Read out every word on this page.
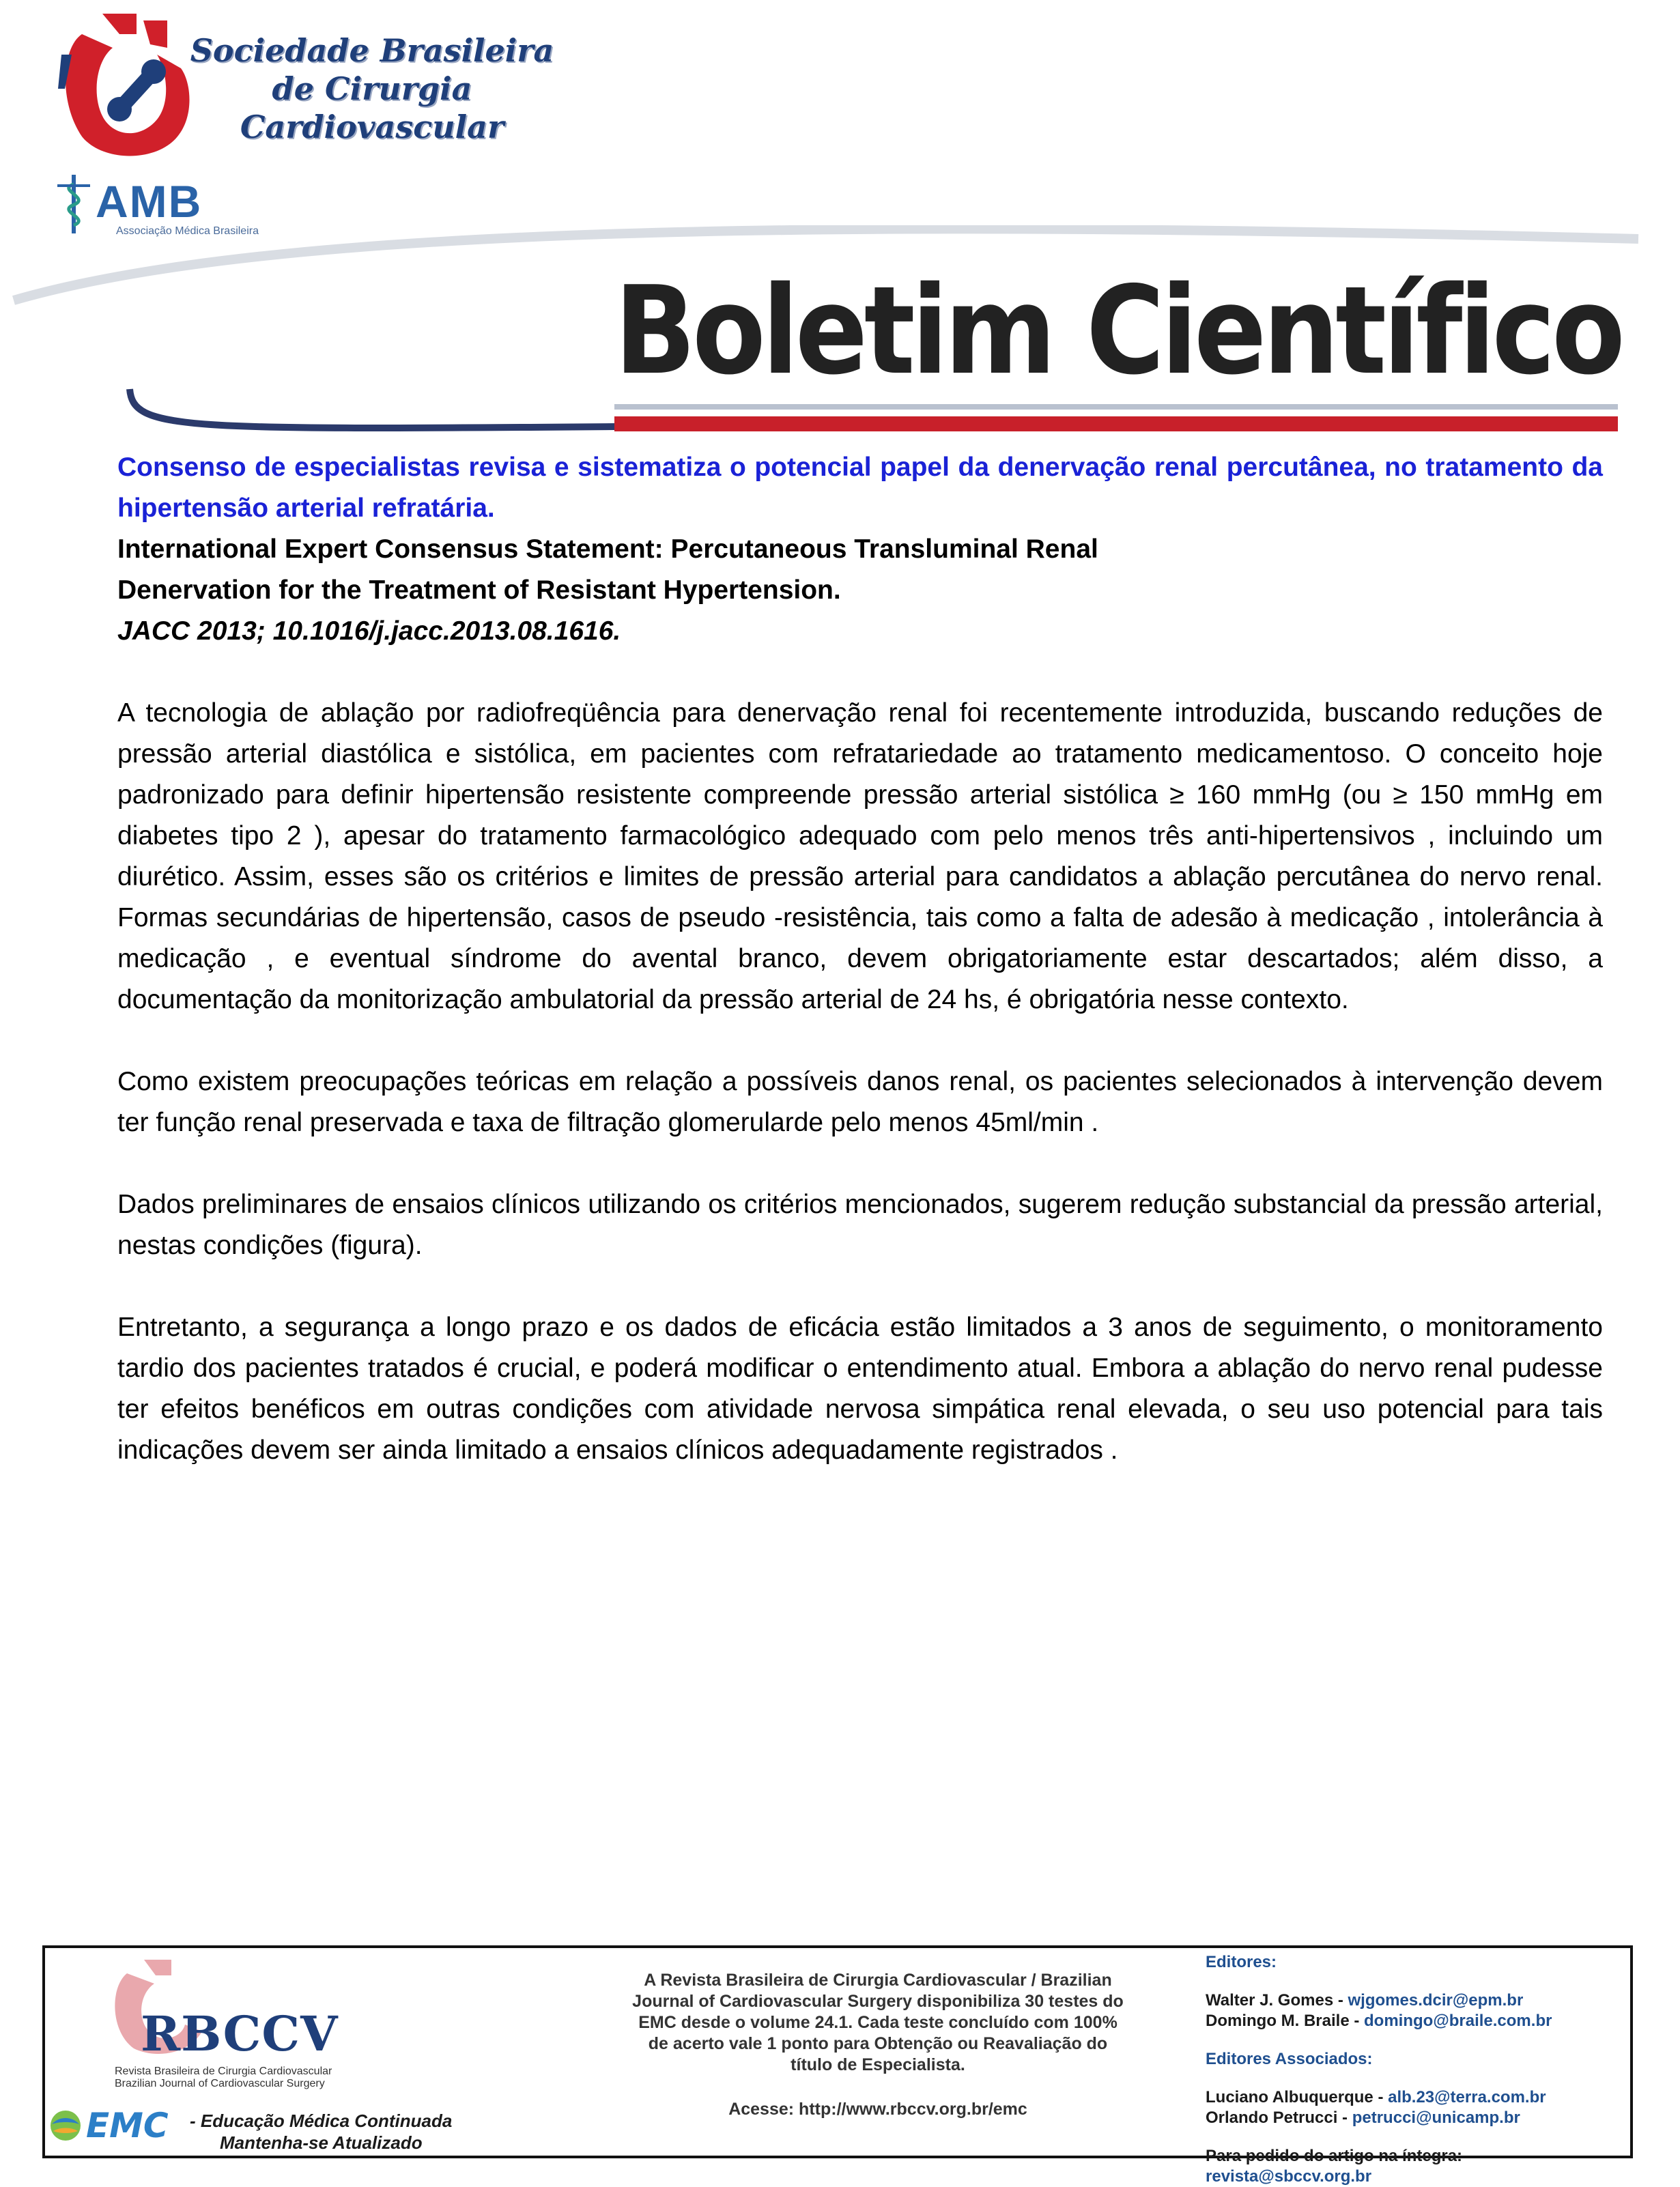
Sociedade Brasileira
de Cirurgia
Cardiovascular
AMB
Associação Médica Brasileira
Boletim Científico
Consenso de especialistas revisa e sistematiza o potencial papel da denervação renal percutânea, no tratamento da hipertensão arterial refratária.
International Expert Consensus Statement: Percutaneous Transluminal Renal
Denervation for the Treatment of Resistant Hypertension.
JACC 2013; 10.1016/j.jacc.2013.08.1616.

A tecnologia de ablação por radiofreqüência para denervação renal foi recentemente introduzida, buscando reduções de pressão arterial diastólica e sistólica, em pacientes com refratariedade ao tratamento medicamentoso. O conceito hoje padronizado para definir hipertensão resistente compreende pressão arterial sistólica ≥ 160 mmHg (ou ≥ 150 mmHg em diabetes tipo 2 ), apesar do tratamento farmacológico adequado com pelo menos três anti-hipertensivos , incluindo um diurético. Assim, esses são os critérios e limites de pressão arterial para candidatos a ablação percutânea do nervo renal. Formas secundárias de hipertensão, casos de pseudo -resistência, tais como a falta de adesão à medicação , intolerância à medicação , e eventual síndrome do avental branco, devem obrigatoriamente estar descartados; além disso, a documentação da monitorização ambulatorial da pressão arterial de 24 hs, é obrigatória nesse contexto.

Como existem preocupações teóricas em relação a possíveis danos renal, os pacientes selecionados à intervenção devem ter função renal preservada e taxa de filtração glomerularde pelo menos 45ml/min .

Dados preliminares de ensaios clínicos utilizando os critérios mencionados, sugerem redução substancial da pressão arterial, nestas condições (figura).

Entretanto, a segurança a longo prazo e os dados de eficácia estão limitados a 3 anos de seguimento, o monitoramento tardio dos pacientes tratados é crucial, e poderá modificar o entendimento atual. Embora a ablação do nervo renal pudesse ter efeitos benéficos em outras condições com atividade nervosa simpática renal elevada, o seu uso potencial para tais indicações devem ser ainda limitado a ensaios clínicos adequadamente registrados .

RBCCV
Revista Brasileira de Cirurgia Cardiovascular
Brazilian Journal of Cardiovascular Surgery
EMC - Educação Médica Continuada
Mantenha-se Atualizado
A Revista Brasileira de Cirurgia Cardiovascular / Brazilian
Journal of Cardiovascular Surgery disponibiliza 30 testes do
EMC desde o volume 24.1. Cada teste concluído com 100%
de acerto vale 1 ponto para Obtenção ou Reavaliação do
título de Especialista.
Acesse: http://www.rbccv.org.br/emc
Editores:
Walter J. Gomes - wjgomes.dcir@epm.br
Domingo M. Braile - domingo@braile.com.br
Editores Associados:
Luciano Albuquerque - alb.23@terra.com.br
Orlando Petrucci - petrucci@unicamp.br
Para pedido do artigo na íntegra:
revista@sbccv.org.br
